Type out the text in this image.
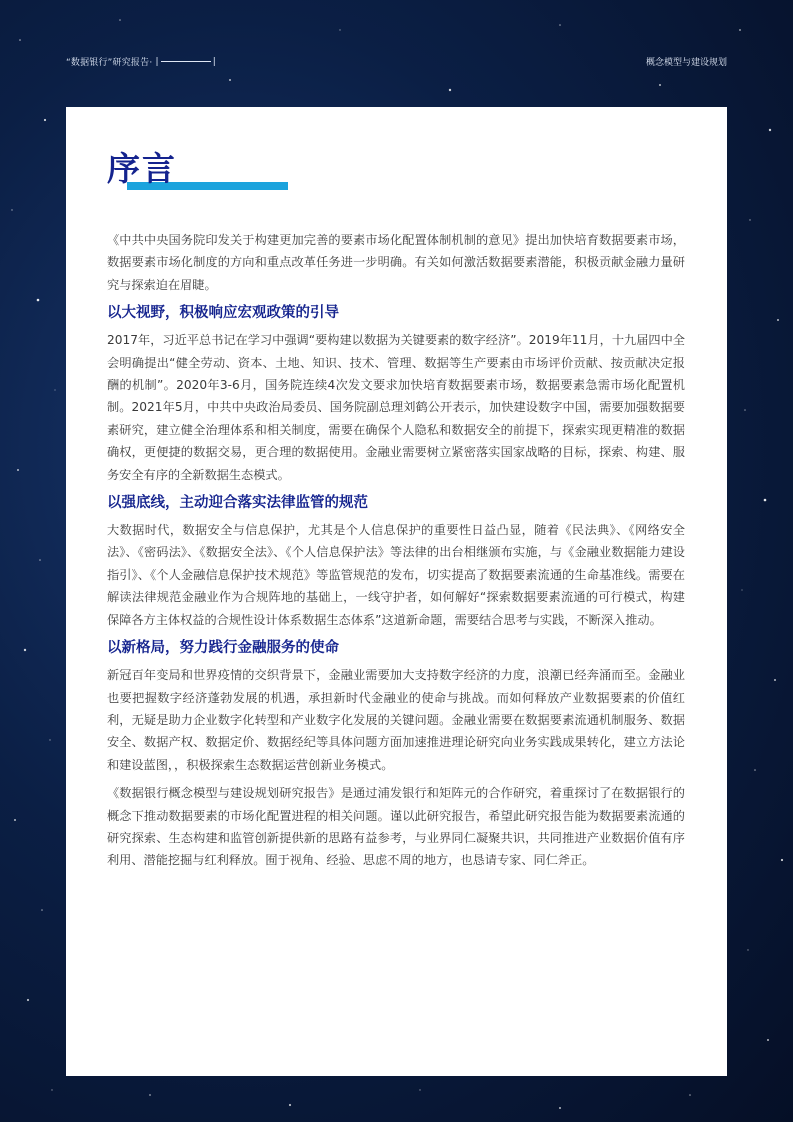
“数据银行”研究报告· |	|	概念模型与建设规划
序言

《中共中央国务院印发关于构建更加完善的要素市场化配置体制机制的意见》提出加快培育数据要素市场，数据要素市场化制度的方向和重点改革任务进一步明确。有关如何激活数据要素潜能，积极贡献金融力量研究与探索迫在眉睫。

以大视野，积极响应宏观政策的引导

2017年，习近平总书记在学习中强调“要构建以数据为关键要素的数字经济”。2019年11月，十九届四中全会明确提出“健全劳动、资本、土地、知识、技术、管理、数据等生产要素由市场评价贡献、按贡献决定报酬的机制”。2020年3-6月，国务院连续4次发文要求加快培育数据要素市场，数据要素急需市场化配置机制。2021年5月，中共中央政治局委员、国务院副总理刘鹤公开表示，加快建设数字中国，需要加强数据要素研究，建立健全治理体系和相关制度，需要在确保个人隐私和数据安全的前提下，探索实现更精准的数据确权，更便捷的数据交易，更合理的数据使用。金融业需要树立紧密落实国家战略的目标，探索、构建、服务安全有序的全新数据生态模式。

以强底线，主动迎合落实法律监管的规范

大数据时代，数据安全与信息保护，尤其是个人信息保护的重要性日益凸显，随着《民法典》、《网络安全法》、《密码法》、《数据安全法》、《个人信息保护法》等法律的出台相继颁布实施，与《金融业数据能力建设指引》、《个人金融信息保护技术规范》等监管规范的发布，切实提高了数据要素流通的生命基准线。需要在解读法律规范金融业作为合规阵地的基础上，一线守护者，如何解好“探索数据要素流通的可行模式，构建保障各方主体权益的合规性设计体系数据生态体系”这道新命题，需要结合思考与实践，不断深入推动。

以新格局，努力践行金融服务的使命

新冠百年变局和世界疫情的交织背景下，金融业需要加大支持数字经济的力度，浪潮已经奔涌而至。金融业也要把握数字经济蓬勃发展的机遇，承担新时代金融业的使命与挑战。而如何释放产业数据要素的价值红利，无疑是助力企业数字化转型和产业数字化发展的关键问题。金融业需要在数据要素流通机制服务、数据安全、数据产权、数据定价、数据经纪等具体问题方面加速推进理论研究向业务实践成果转化，建立方法论和建设蓝图，，积极探索生态数据运营创新业务模式。

《数据银行概念模型与建设规划研究报告》是通过浦发银行和矩阵元的合作研究，着重探讨了在数据银行的概念下推动数据要素的市场化配置进程的相关问题。谨以此研究报告，希望此研究报告能为数据要素流通的研究探索、生态构建和监管创新提供新的思路有益参考，与业界同仁凝聚共识，共同推进产业数据价值有序利用、潜能挖掘与红利释放。囿于视角、经验、思虑不周的地方，也恳请专家、同仁斧正。
